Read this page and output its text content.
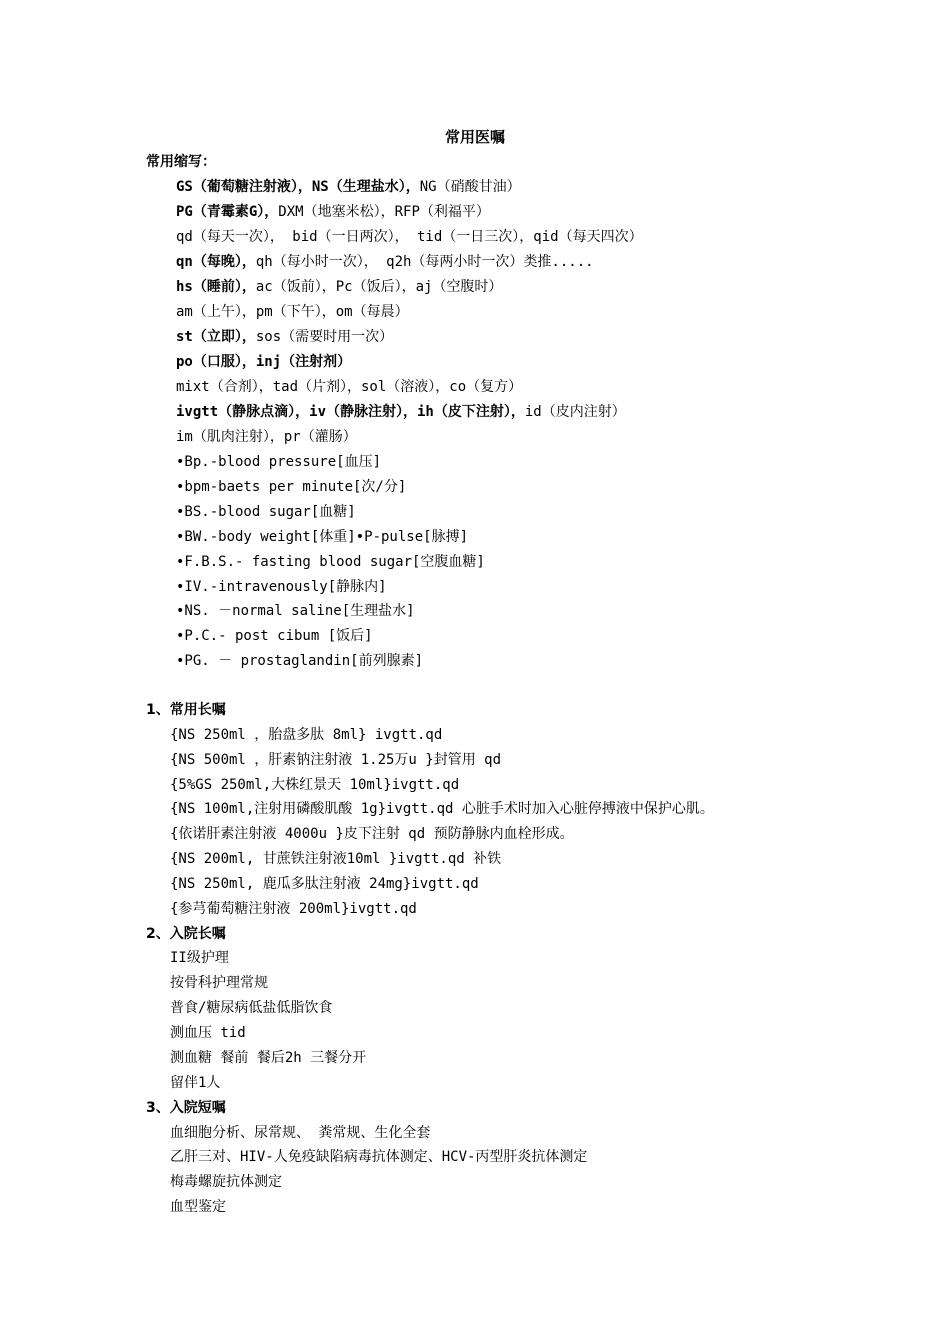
常用医嘱
常用缩写：
GS（葡萄糖注射液），NS（生理盐水），NG（硝酸甘油）
PG（青霉素G），DXM（地塞米松），RFP（利福平）
qd（每天一次）， bid（一日两次）， tid（一日三次），qid（每天四次）
qn（每晚），qh（每小时一次）， q2h（每两小时一次）类推.....
hs（睡前），ac（饭前），Pc（饭后），aj（空腹时）
am（上午），pm（下午），om（每晨）
st（立即），sos（需要时用一次）
po（口服），inj（注射剂）
mixt（合剂），tad（片剂），sol（溶液），co（复方）
ivgtt（静脉点滴），iv（静脉注射），ih（皮下注射），id（皮内注射）
im（肌肉注射），pr（灌肠）
•Bp.-blood pressure[血压]
•bpm-baets per minute[次/分]
•BS.-blood sugar[血糖]
•BW.-body weight[体重]•P-pulse[脉搏]
•F.B.S.- fasting blood sugar[空腹血糖]
•IV.-intravenously[静脉内]
•NS. －normal saline[生理盐水]
•P.C.- post cibum [饭后]
•PG. － prostaglandin[前列腺素]
1、常用长嘱
{NS 250ml ，胎盘多肽 8ml} ivgtt.qd
{NS 500ml ，肝素钠注射液 1.25万u }封管用 qd
{5%GS 250ml,大株红景天 10ml}ivgtt.qd
{NS 100ml,注射用磷酸肌酸 1g}ivgtt.qd 心脏手术时加入心脏停搏液中保护心肌。
{依诺肝素注射液 4000u }皮下注射 qd 预防静脉内血栓形成。
{NS 200ml, 甘蔗铁注射液10ml }ivgtt.qd 补铁
{NS 250ml, 鹿瓜多肽注射液 24mg}ivgtt.qd
{参芎葡萄糖注射液 200ml}ivgtt.qd
2、入院长嘱
II级护理
按骨科护理常规
普食/糖尿病低盐低脂饮食
测血压 tid
测血糖 餐前 餐后2h 三餐分开
留伴1人
3、入院短嘱
血细胞分析、尿常规、 粪常规、生化全套
乙肝三对、HIV-人免疫缺陷病毒抗体测定、HCV-丙型肝炎抗体测定
梅毒螺旋抗体测定
血型鉴定
